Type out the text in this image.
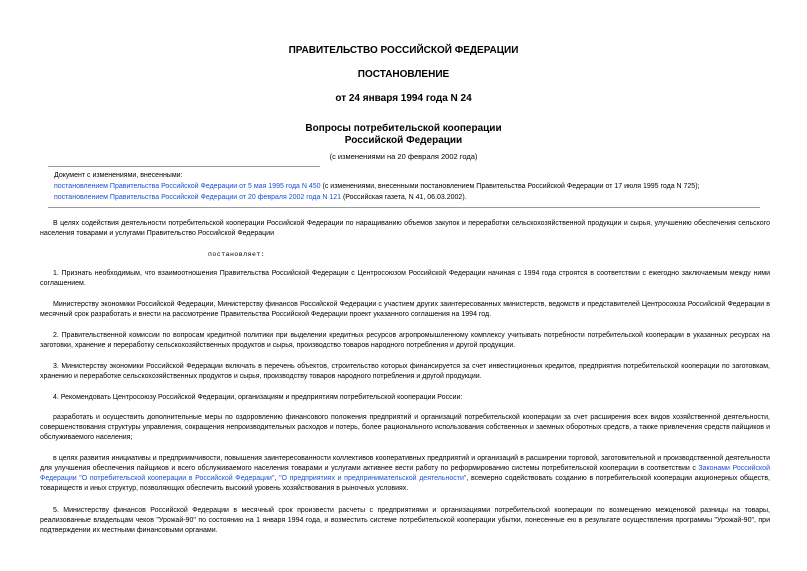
ПРАВИТЕЛЬСТВО РОССИЙСКОЙ ФЕДЕРАЦИИ
ПОСТАНОВЛЕНИЕ
от 24 января 1994 года N 24
Вопросы потребительской кооперации
Российской Федерации
(с изменениями на 20 февраля 2002 года)
Документ с изменениями, внесенными:
постановлением Правительства Российской Федерации от 5 мая 1995 года N 450 (с изменениями, внесенными постановлением Правительства Российской Федерации от 17 июля 1995 года N 725);
постановлением Правительства Российской Федерации от 20 февраля 2002 года N 121 (Российская газета, N 41, 06.03.2002).
В целях содействия деятельности потребительской кооперации Российской Федерации по наращиванию объемов закупок и переработки сельскохозяйственной продукции и сырья, улучшению обеспечения сельского населения товарами и услугами Правительство Российской Федерации
постановляет:
1. Признать необходимым, что взаимоотношения Правительства Российской Федерации с Центросоюзом Российской Федерации начиная с 1994 года строятся в соответствии с ежегодно заключаемым между ними соглашением.
Министерству экономики Российской Федерации, Министерству финансов Российской Федерации с участием других заинтересованных министерств, ведомств и представителей Центросоюза Российской Федерации в месячный срок разработать и внести на рассмотрение Правительства Российской Федерации проект указанного соглашения на 1994 год.
2. Правительственной комиссии по вопросам кредитной политики при выделении кредитных ресурсов агропромышленному комплексу учитывать потребности потребительской кооперации в указанных ресурсах на заготовки, хранение и переработку сельскохозяйственных продуктов и сырья, производство товаров народного потребления и другой продукции.
3. Министерству экономики Российской Федерации включать в перечень объектов, строительство которых финансируется за счет инвестиционных кредитов, предприятия потребительской кооперации по заготовкам, хранению и переработке сельскохозяйственных продуктов и сырья, производству товаров народного потребления и другой продукции.
4. Рекомендовать Центросоюзу Российской Федерации, организациям и предприятиям потребительской кооперации России:
разработать и осуществить дополнительные меры по оздоровлению финансового положения предприятий и организаций потребительской кооперации за счет расширения всех видов хозяйственной деятельности, совершенствования структуры управления, сокращения непроизводительных расходов и потерь, более рационального использования собственных и заемных оборотных средств, а также привлечения средств пайщиков и обслуживаемого населения;
в целях развития инициативы и предприимчивости, повышения заинтересованности коллективов кооперативных предприятий и организаций в расширении торговой, заготовительной и производственной деятельности для улучшения обеспечения пайщиков и всего обслуживаемого населения товарами и услугами активнее вести работу по реформированию системы потребительской кооперации в соответствии с Законами Российской Федерации "О потребительской кооперации в Российской Федерации", "О предприятиях и предпринимательской деятельности", всемерно содействовать созданию в потребительской кооперации акционерных обществ, товариществ и иных структур, позволяющих обеспечить высокий уровень хозяйствования в рыночных условиях.
5. Министерству финансов Российской Федерации в месячный срок произвести расчеты с предприятиями и организациями потребительской кооперации по возмещению межценовой разницы на товары, реализованные владельцам чеков "Урожай-90" по состоянию на 1 января 1994 года, и возместить системе потребительской кооперации убытки, понесенные ею в результате осуществления программы "Урожай-90", при подтверждении их местными финансовыми органами.
